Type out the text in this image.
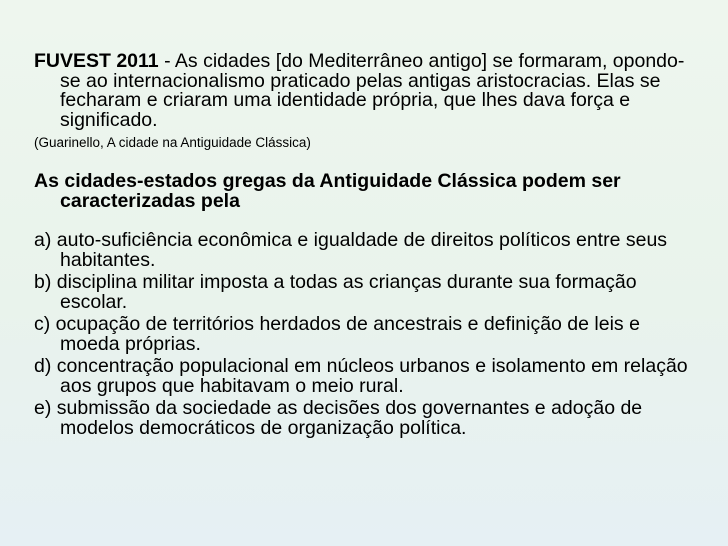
FUVEST 2011 - As cidades [do Mediterrâneo antigo] se formaram, opondo-se ao internacionalismo praticado pelas antigas aristocracias. Elas se fecharam e criaram uma identidade própria, que lhes dava força e significado.

(Guarinello, A cidade na Antiguidade Clássica)

As cidades-estados gregas da Antiguidade Clássica podem ser caracterizadas pela

a) auto-suficiência econômica e igualdade de direitos políticos entre seus habitantes.

b) disciplina militar imposta a todas as crianças durante sua formação escolar.

c) ocupação de territórios herdados de ancestrais e definição de leis e moeda próprias.

d) concentração populacional em núcleos urbanos e isolamento em relação aos grupos que habitavam o meio rural.

e) submissão da sociedade as decisões dos governantes e adoção de modelos democráticos de organização política.
